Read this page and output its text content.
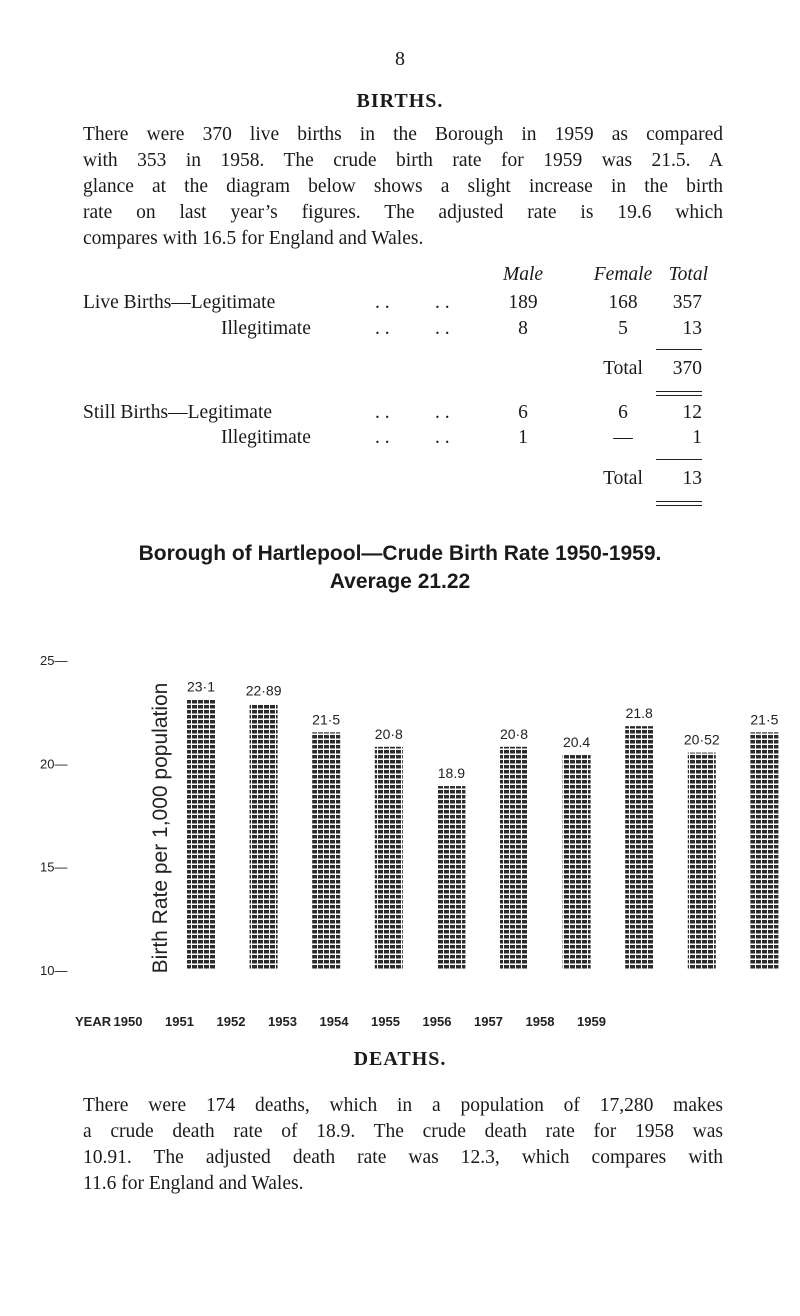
8
BIRTHS.
There were 370 live births in the Borough in 1959 as compared
with 353 in 1958. The crude birth rate for 1959 was 21.5. A
glance at the diagram below shows a slight increase in the birth
rate on last year’s figures. The adjusted rate is 19.6 which
compares with 16.5 for England and Wales.
Male	Female Total
Live Births—Legitimate	. . . .	189	168	357
Illegitimate	. . . .	8	5	13
Total	370
Still Births—Legitimate	. . . .	6	6	12
Illegitimate	. . . .	1	—	1
Total	13
Borough of Hartlepool—Crude Birth Rate 1950-1959.
Average 21.22
Birth Rate per 1,000 population
25—
20—
15—
10—
23·1 22·89
21·5
20·8
18.9
20·8
20.4
21.8
20·52
21·5
1950 1951 1952 1953 1954 1955 1956 1957 1958 1959
YEAR
DEATHS.
There were 174 deaths, which in a population of 17,280 makes
a crude death rate of 18.9. The crude death rate for 1958 was
10.91. The adjusted death rate was 12.3, which compares with
11.6 for England and Wales.
